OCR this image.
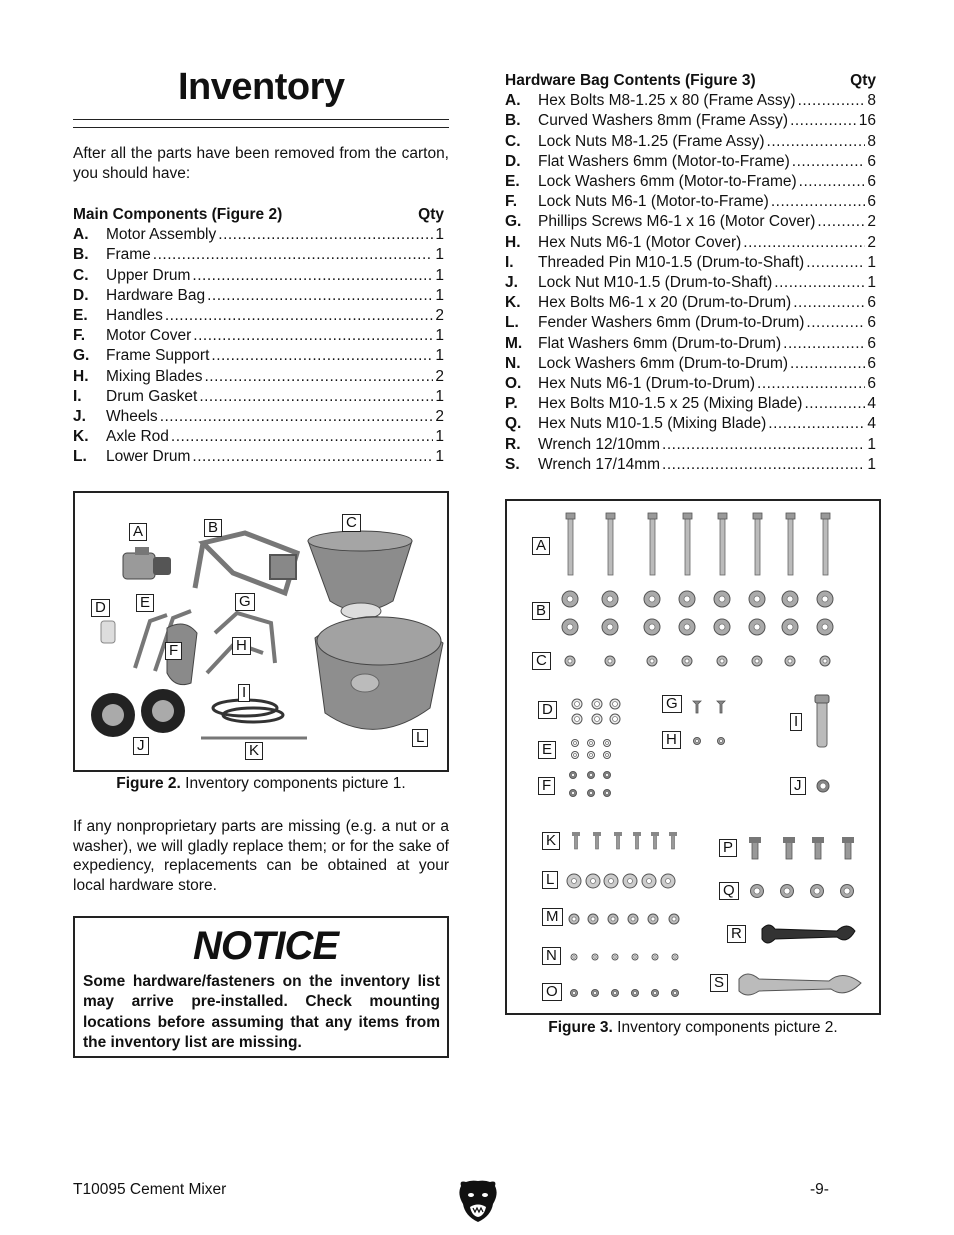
Inventory
After all the parts have been removed from the carton, you should have:
Main Components (Figure 2)	Qty
A.	Motor Assembly .....	1
B.	Frame .....	1
C.	Upper Drum .....	1
D.	Hardware Bag .....	1
E.	Handles .....	2
F.	Motor Cover .....	1
G.	Frame Support .....	1
H.	Mixing Blades .....	2
I.	Drum Gasket .....	1
J.	Wheels .....	2
K.	Axle Rod .....	1
L.	Lower Drum .....	1
Hardware Bag Contents (Figure 3)	Qty
A.	Hex Bolts M8-1.25 x 80 (Frame Assy) .....	8
B.	Curved Washers 8mm (Frame Assy) .....	16
C.	Lock Nuts M8-1.25 (Frame Assy) .....	8
D.	Flat Washers 6mm (Motor-to-Frame) .....	6
E.	Lock Washers 6mm (Motor-to-Frame) .....	6
F.	Lock Nuts M6-1 (Motor-to-Frame) .....	6
G.	Phillips Screws M6-1 x 16 (Motor Cover) .....	2
H.	Hex Nuts M6-1 (Motor Cover) .....	2
I.	Threaded Pin M10-1.5 (Drum-to-Shaft) .....	1
J.	Lock Nut M10-1.5 (Drum-to-Shaft) .....	1
K.	Hex Bolts M6-1 x 20 (Drum-to-Drum) .....	6
L.	Fender Washers 6mm (Drum-to-Drum) .....	6
M.	Flat Washers 6mm (Drum-to-Drum) .....	6
N.	Lock Washers 6mm (Drum-to-Drum) .....	6
O.	Hex Nuts M6-1 (Drum-to-Drum) .....	6
P.	Hex Bolts M10-1.5 x 25 (Mixing Blade) .....	4
Q.	Hex Nuts M10-1.5 (Mixing Blade) .....	4
R.	Wrench 12/10mm .....	1
S.	Wrench 17/14mm .....	1
A	B	C
D E
F
G
H
I
J	K
L
Figure 2. Inventory components picture 1.
If any nonproprietary parts are missing (e.g. a nut or a washer), we will gladly replace them; or for the sake of expediency, replacements can be obtained at your local hardware store.
NOTICE
Some hardware/fasteners on the inventory list may arrive pre-installed. Check mounting locations before assuming that any items from the inventory list are missing.
A
B
C
D
E
F
G
H
I
J
K
L
M
N
O
P
Q
R
S
Figure 3. Inventory components picture 2.
T10095 Cement Mixer	-9-
